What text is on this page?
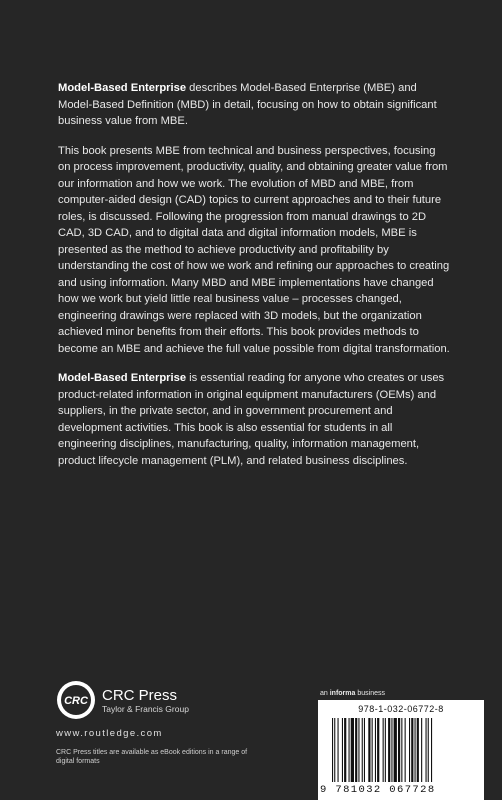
Model-Based Enterprise describes Model-Based Enterprise (MBE) and Model-Based Definition (MBD) in detail, focusing on how to obtain significant business value from MBE.

This book presents MBE from technical and business perspectives, focusing on process improvement, productivity, quality, and obtaining greater value from our information and how we work. The evolution of MBD and MBE, from computer-aided design (CAD) topics to current approaches and to their future roles, is discussed. Following the progression from manual drawings to 2D CAD, 3D CAD, and to digital data and digital information models, MBE is presented as the method to achieve productivity and profitability by understanding the cost of how we work and refining our approaches to creating and using information. Many MBD and MBE implementations have changed how we work but yield little real business value – processes changed, engineering drawings were replaced with 3D models, but the organization achieved minor benefits from their efforts. This book provides methods to become an MBE and achieve the full value possible from digital transformation.

Model-Based Enterprise is essential reading for anyone who creates or uses product-related information in original equipment manufacturers (OEMs) and suppliers, in the private sector, and in government procurement and development activities. This book is also essential for students in all engineering disciplines, manufacturing, quality, information management, product lifecycle management (PLM), and related business disciplines.

CRC CRC Press
Taylor & Francis Group
www.routledge.com
CRC Press titles are available as eBook editions in a range of digital formats
an informa business
978-1-032-06772-8
9 781032 067728
